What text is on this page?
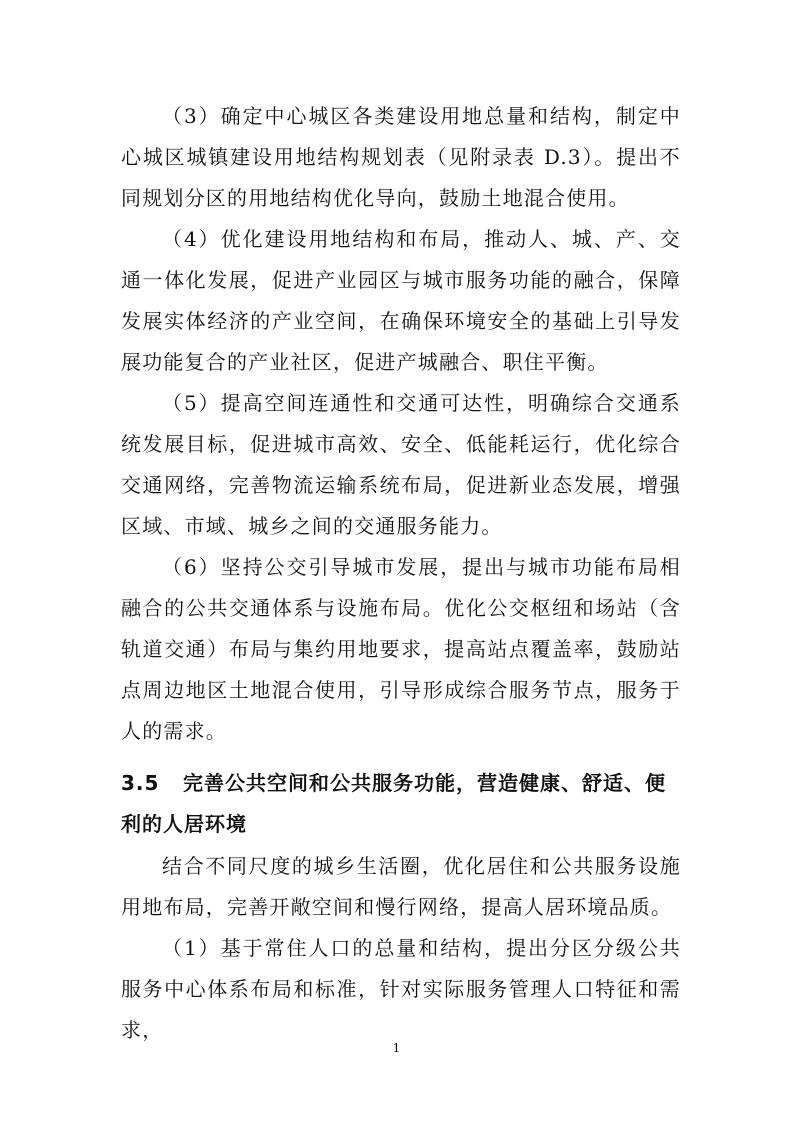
（3）确定中心城区各类建设用地总量和结构，制定中心城区城镇建设用地结构规划表（见附录表 D.3）。提出不同规划分区的用地结构优化导向，鼓励土地混合使用。

（4）优化建设用地结构和布局，推动人、城、产、交通一体化发展，促进产业园区与城市服务功能的融合，保障发展实体经济的产业空间，在确保环境安全的基础上引导发展功能复合的产业社区，促进产城融合、职住平衡。

（5）提高空间连通性和交通可达性，明确综合交通系统发展目标，促进城市高效、安全、低能耗运行，优化综合交通网络，完善物流运输系统布局，促进新业态发展，增强区域、市域、城乡之间的交通服务能力。

（6）坚持公交引导城市发展，提出与城市功能布局相融合的公共交通体系与设施布局。优化公交枢纽和场站（含轨道交通）布局与集约用地要求，提高站点覆盖率，鼓励站点周边地区土地混合使用，引导形成综合服务节点，服务于人的需求。

3.5 完善公共空间和公共服务功能，营造健康、舒适、便利的人居环境

结合不同尺度的城乡生活圈，优化居住和公共服务设施用地布局，完善开敞空间和慢行网络，提高人居环境品质。

（1）基于常住人口的总量和结构，提出分区分级公共服务中心体系布局和标准，针对实际服务管理人口特征和需求，

1
